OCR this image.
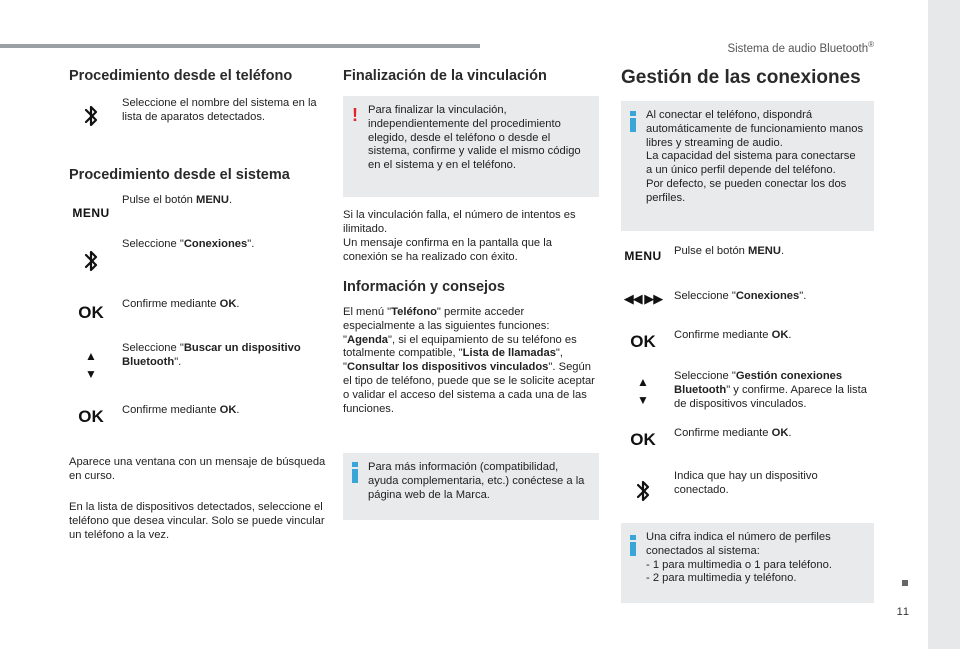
Sistema de audio Bluetooth®
11
Procedimiento desde el teléfono

Seleccione el nombre del sistema en la lista de aparatos detectados.

Procedimiento desde el sistema
MENU

Pulse el botón MENU.

Seleccione "Conexiones".

OK Confirme mediante OK.

▲
▼

Seleccione "Buscar un dispositivo Bluetooth".

OK Confirme mediante OK.

Aparece una ventana con un mensaje de búsqueda en curso.

En la lista de dispositivos detectados, seleccione el teléfono que desea vincular. Solo se puede vincular un teléfono a la vez.

Finalización de la vinculación
! Para finalizar la vinculación, independientemente del procedimiento elegido, desde el teléfono o desde el sistema, confirme y valide el mismo código en el sistema y en el teléfono.

Si la vinculación falla, el número de intentos es ilimitado.

Un mensaje confirma en la pantalla que la conexión se ha realizado con éxito.

Información y consejos

El menú "Teléfono" permite acceder especialmente a las siguientes funciones: "Agenda", si el equipamiento de su teléfono es totalmente compatible, "Lista de llamadas", "Consultar los dispositivos vinculados". Según el tipo de teléfono, puede que se le solicite aceptar o validar el acceso del sistema a cada una de las funciones.

Para más información (compatibilidad, ayuda complementaria, etc.) conéctese a la página web de la Marca.

Gestión de las conexiones

Al conectar el teléfono, dispondrá automáticamente de funcionamiento manos libres y streaming de audio.

La capacidad del sistema para conectarse a un único perfil depende del teléfono.

Por defecto, se pueden conectar los dos perfiles.

MENU Pulse el botón MENU.

◀◀ ▶▶ Seleccione "Conexiones".

OK Confirme mediante OK.

▲
▼

Seleccione "Gestión conexiones Bluetooth" y confirme. Aparece la lista de dispositivos vinculados.

OK Confirme mediante OK.

Indica que hay un dispositivo conectado.

Una cifra indica el número de perfiles conectados al sistema:

- 1 para multimedia o 1 para teléfono.

- 2 para multimedia y teléfono.
